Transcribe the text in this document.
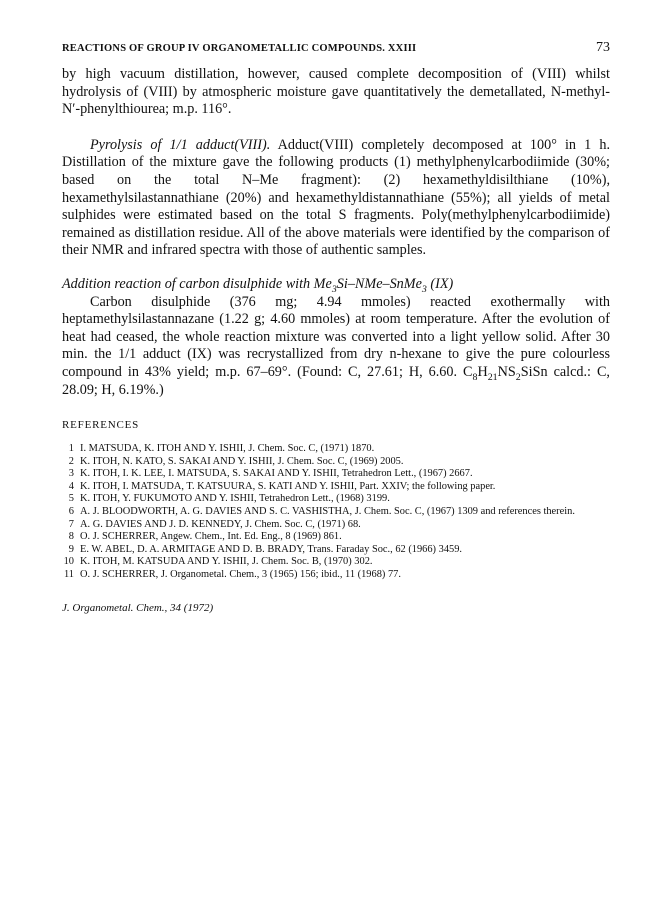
REACTIONS OF GROUP IV ORGANOMETALLIC COMPOUNDS. XXIII	73

by high vacuum distillation, however, caused complete decomposition of (VIII) whilst hydrolysis of (VIII) by atmospheric moisture gave quantitatively the demetallated, N-methyl-N′-phenylthiourea; m.p. 116°.

Pyrolysis of 1/1 adduct(VIII). Adduct(VIII) completely decomposed at 100° in 1 h. Distillation of the mixture gave the following products (1) methylphenylcarbodiimide (30%; based on the total N–Me fragment): (2) hexamethyldisilthiane (10%), hexamethylsilastannathiane (20%) and hexamethyldistannathiane (55%); all yields of metal sulphides were estimated based on the total S fragments. Poly(methylphenylcarbodiimide) remained as distillation residue. All of the above materials were identified by the comparison of their NMR and infrared spectra with those of authentic samples.

Addition reaction of carbon disulphide with $Me_3Si-NMe-SnMe_3$ (IX)

Carbon disulphide (376 mg; 4.94 mmoles) reacted exothermally with heptamethylsilastannazane (1.22 g; 4.60 mmoles) at room temperature. After the evolution of heat had ceased, the whole reaction mixture was converted into a light yellow solid. After 30 min. the 1/1 adduct (IX) was recrystallized from dry n-hexane to give the pure colourless compound in 43% yield; m.p. 67–69°. (Found: C, 27.61; H, 6.60. $C_8H_{21}NS_2SiSn$ calcd.: C, 28.09; H, 6.19%.)

REFERENCES
1 I. MATSUDA, K. ITOH AND Y. ISHII, J. Chem. Soc. C, (1971) 1870.
2 K. ITOH, N. KATO, S. SAKAI AND Y. ISHII, J. Chem. Soc. C, (1969) 2005.
3 K. ITOH, I. K. LEE, I. MATSUDA, S. SAKAI AND Y. ISHII, Tetrahedron Lett., (1967) 2667.
4 K. ITOH, I. MATSUDA, T. KATSUURA, S. KATI AND Y. ISHII, Part. XXIV; the following paper.
5 K. ITOH, Y. FUKUMOTO AND Y. ISHII, Tetrahedron Lett., (1968) 3199.
6 A. J. BLOODWORTH, A. G. DAVIES AND S. C. VASHISTHA, J. Chem. Soc. C, (1967) 1309 and references therein.
7 A. G. DAVIES AND J. D. KENNEDY, J. Chem. Soc. C, (1971) 68.
8 O. J. SCHERRER, Angew. Chem., Int. Ed. Eng., 8 (1969) 861.
9 E. W. ABEL, D. A. ARMITAGE AND D. B. BRADY, Trans. Faraday Soc., 62 (1966) 3459.
10 K. ITOH, M. KATSUDA AND Y. ISHII, J. Chem. Soc. B, (1970) 302.
11 O. J. SCHERRER, J. Organometal. Chem., 3 (1965) 156; ibid., 11 (1968) 77.
J. Organometal. Chem., 34 (1972)
